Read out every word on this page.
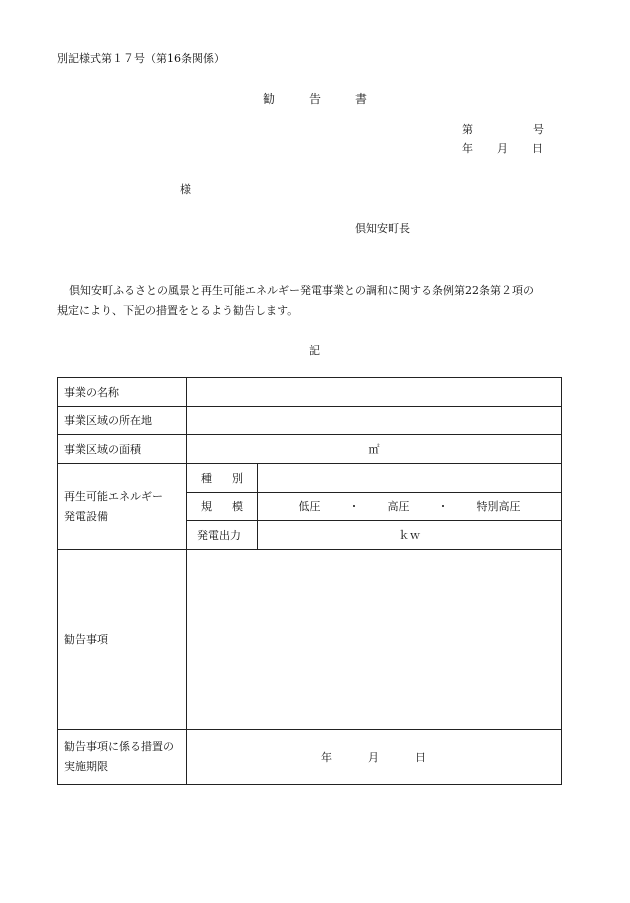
別記様式第１７号（第16条関係）
勧	告	書
第	号
年 月 日
様
倶知安町長
倶知安町ふるさとの風景と再生可能エネルギー発電事業との調和に関する条例第22条第２項の
規定により、下記の措置をとるよう勧告します。
記
事業の名称		
事業区域の所在地		
事業区域の面積	㎡	

再生可能エネルギー
発電設備	種 別	
	規 模	低圧 ・ 高圧 ・ 特別高圧

	発電出力	ｋｗ
勧告事項		

勧告事項に係る措置の
実施期限	年 月 日	
